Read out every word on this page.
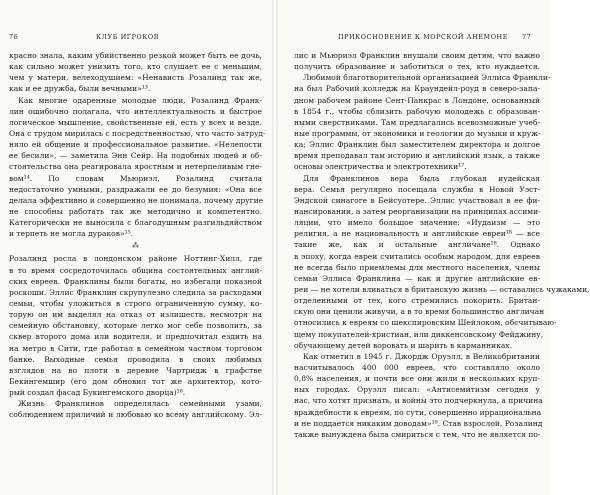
76	КЛУБ ИГРОКОВ
красно знала, каким убийственно резкой может быть ее дочь,
как сильно может унизить того, кто слушает ее с меньшим,
чем у матери, велеходушием: «Ненависть Розалинд так же,
как и ее дружба, были вечными»¹³.
Как многие одаренные молодые люди, Розалинд Франк-
лин ошибочно полагала, что интеллектуальность и быстрое
логическое мышление, свойственные ей, есть у всех и везде.
Она с трудом мирилась с посредственностью, что часто затруд-
няло ей общение и профессиональное развитие. «Нелепости
ее бесили», — заметила Энн Сейр. На подобных людей и об-
стоятельства она реагировала яростным и нетерпеливым гне-
вом¹⁴. По словам Мьюриэл, Розалинд считала
недостаточно умными, раздражали ее до безумия: «Она все
делала эффективно и совершенно не понимала, почему другие
не способны работать так же методично и компетентно.
Категорически не выносила с благодушным разгильдяйством
и терпеть не могла дураков»¹⁵.
⁂
Розалинд росла в лондонском районе Ноттинг-Хилл, где
в то время сосредоточилась община состоятельных англий-
ских евреев. Франклины были богаты, но избегали показной
роскоши. Эллис Франклин скрупулезно следила за расходами
семьи, чтобы уложиться в строго ограниченную сумму, ко-
торую он им выделял на отказ от излишеств, несмотря на
семейную обстановку, которые легко мог себе позволить, за
сквер второго дома или водителя, и предпочитал ездить на
на метро в Сити, где работал в семейном частном торговом
банке. Выходные семья проводила в своих любимых
взглядов на во плоти в деревне Чартридж в графстве
Бекингемшир (его дом обновил тот же архитектор, кото-
рый создал фасад Букингемского дворца)¹⁶.
Жизнь Франклинов определялась семейными узами,
соблюдением приличий и любовью ко всему английскому. Эл-
ПРИКОСНОВЕНИЕ К МОРСКОЙ АНЕМОНЕ 77
лис и Мьюриэл Франклин внушали своим детям, что важно
получить образование и заботиться о тех, кто нуждается.
Любимой благотворительной организацией Эллиса Франкли-
на был Рабочий колледж на Краундейл-роуд в северо-запа-
дном рабочем районе Сент-Панкрас в Лондоне, основанный
в 1854 г., чтобы сблизить рабочую молодежь с образован-
ными сверстниками. Там предлагались всевозможные учеб-
ные программы, от экономики и геологии до музыки и круж-
ка; Эллис Франклин был заместителем директора и долгое
время преподавал там историю и английский язык, а также
основы электричества и электротехники¹⁷.
Для Франклинов вера была глубокая иудейская
вера. Семья регулярно посещала службы в Новой Уэст-
Эндской синагоге в Бейсуотере. Эллис участвовал в ее фи-
нансировании, а затем реорганизации на принципах ассими-
ляции, что имело большое значение: «Иудаизм — это
религия, а не национальность и английские евреи¹⁸ — все
такие же, как и остальные англичане¹⁸. Однако
в эпоху, когда евреи считались особым народом, для евреев
не всегда было приемлемы для местного населения, члены
семьи Эллиса Франклина — как и другие английские ев-
реи — не хотели вливаться в британскую жизнь — оставались чужаками,
отделенными от тех, кого стремились покорить. Британ-
скую они ценили живучи, а в то время большинство англичан
относились к евреям со шекспировским Шейлоком, обсчитываю-
щему покупателей-христиан, или диккенсовскому Фейджину,
обучающему детей воровать и шарить в карманниках.
Как отметил в 1945 г. Джордж Оруэлл, в Великобритании
насчитывалось 400 000 евреев, что составляло около
0,8% населения, и почти все они жили в нескольких круп-
ных городах. Оруэлл писал: «Антисемитизм сегодня у
нас, что хотят признать, и войны это подчеркнула, а причина
враждебности к евреям, по сути, совершенно иррациональна
и не поддается никаким доводам»¹⁹. Став взрослой, Розалинд
также вынуждена была смириться с тем, что не является по-
